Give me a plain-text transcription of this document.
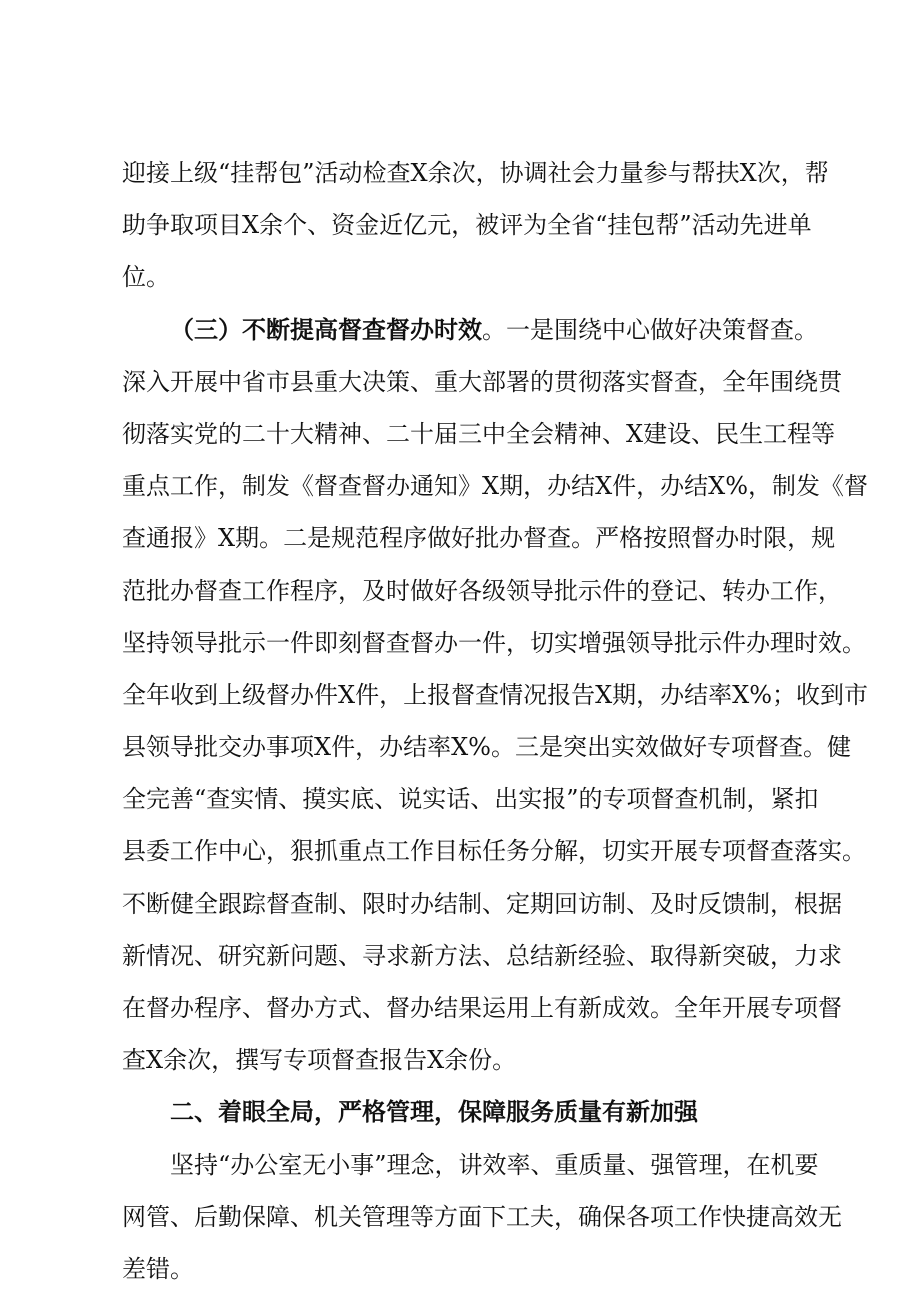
迎接上级“挂帮包”活动检查X余次，协调社会力量参与帮扶X次，帮
助争取项目X余个、资金近亿元，被评为全省“挂包帮”活动先进单
位。
（三）不断提高督查督办时效。一是围绕中心做好决策督查。
深入开展中省市县重大决策、重大部署的贯彻落实督查，全年围绕贯
彻落实党的二十大精神、二十届三中全会精神、X建设、民生工程等
重点工作，制发《督查督办通知》X期，办结X件，办结X%，制发《督
查通报》X期。二是规范程序做好批办督查。严格按照督办时限，规
范批办督查工作程序，及时做好各级领导批示件的登记、转办工作，
坚持领导批示一件即刻督查督办一件，切实增强领导批示件办理时效。
全年收到上级督办件X件，上报督查情况报告X期，办结率X%；收到市
县领导批交办事项X件，办结率X%。三是突出实效做好专项督查。健
全完善“查实情、摸实底、说实话、出实报”的专项督查机制，紧扣
县委工作中心，狠抓重点工作目标任务分解，切实开展专项督查落实。
不断健全跟踪督查制、限时办结制、定期回访制、及时反馈制，根据
新情况、研究新问题、寻求新方法、总结新经验、取得新突破，力求
在督办程序、督办方式、督办结果运用上有新成效。全年开展专项督
查X余次，撰写专项督查报告X余份。
二、着眼全局，严格管理，保障服务质量有新加强
坚持“办公室无小事”理念，讲效率、重质量、强管理，在机要
网管、后勤保障、机关管理等方面下工夫，确保各项工作快捷高效无
差错。
